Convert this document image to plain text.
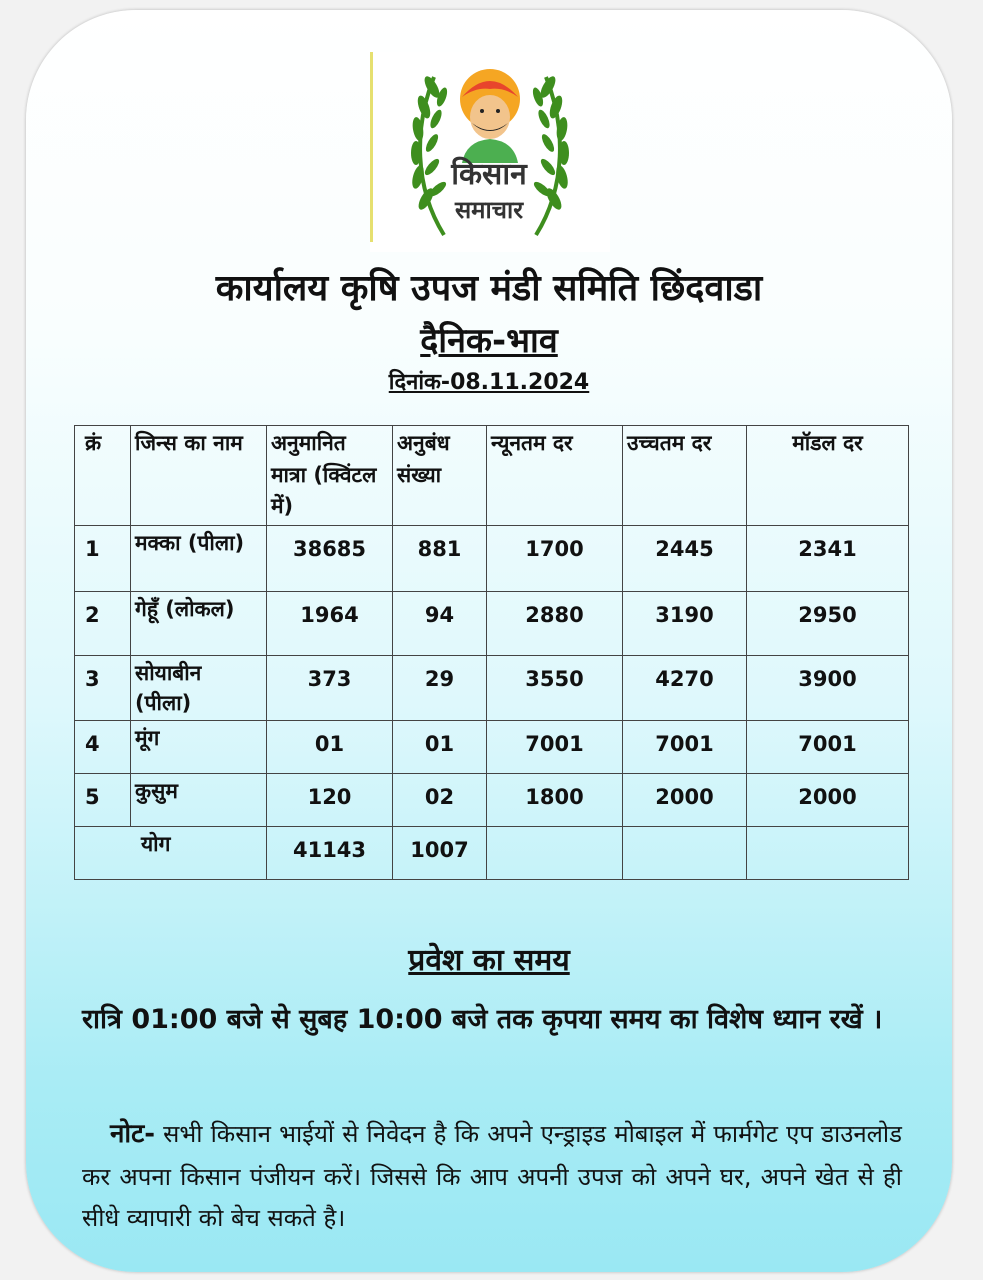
किसान
समाचार
कार्यालय कृषि उपज मंडी समिति छिंदवाडा
दैनिक-भाव
दिनांक-08.11.2024
क्रं	जिन्स का नाम	अनुमानित मात्रा (क्विंटल में)	अनुबंध संख्या	न्यूनतम दर	उच्चतम दर	मॉडल दर
1	मक्का (पीला)	38685	881	1700	2445	2341
2	गेहूँ (लोकल)	1964	94	2880	3190	2950
3	सोयाबीन (पीला)	373	29	3550	4270	3900
4	मूंग	01	01	7001	7001	7001
5	कुसुम	120	02	1800	2000	2000
योग		41143	1007			
प्रवेश का समय
रात्रि 01:00 बजे से सुबह 10:00 बजे तक कृपया समय का विशेष ध्यान रखें ।
नोट- सभी किसान भाईयों से निवेदन है कि अपने एन्ड्राइड मोबाइल में फार्मगेट एप डाउनलोड कर अपना किसान पंजीयन करें। जिससे कि आप अपनी उपज को अपने घर, अपने खेत से ही सीधे व्यापारी को बेच सकते है।
